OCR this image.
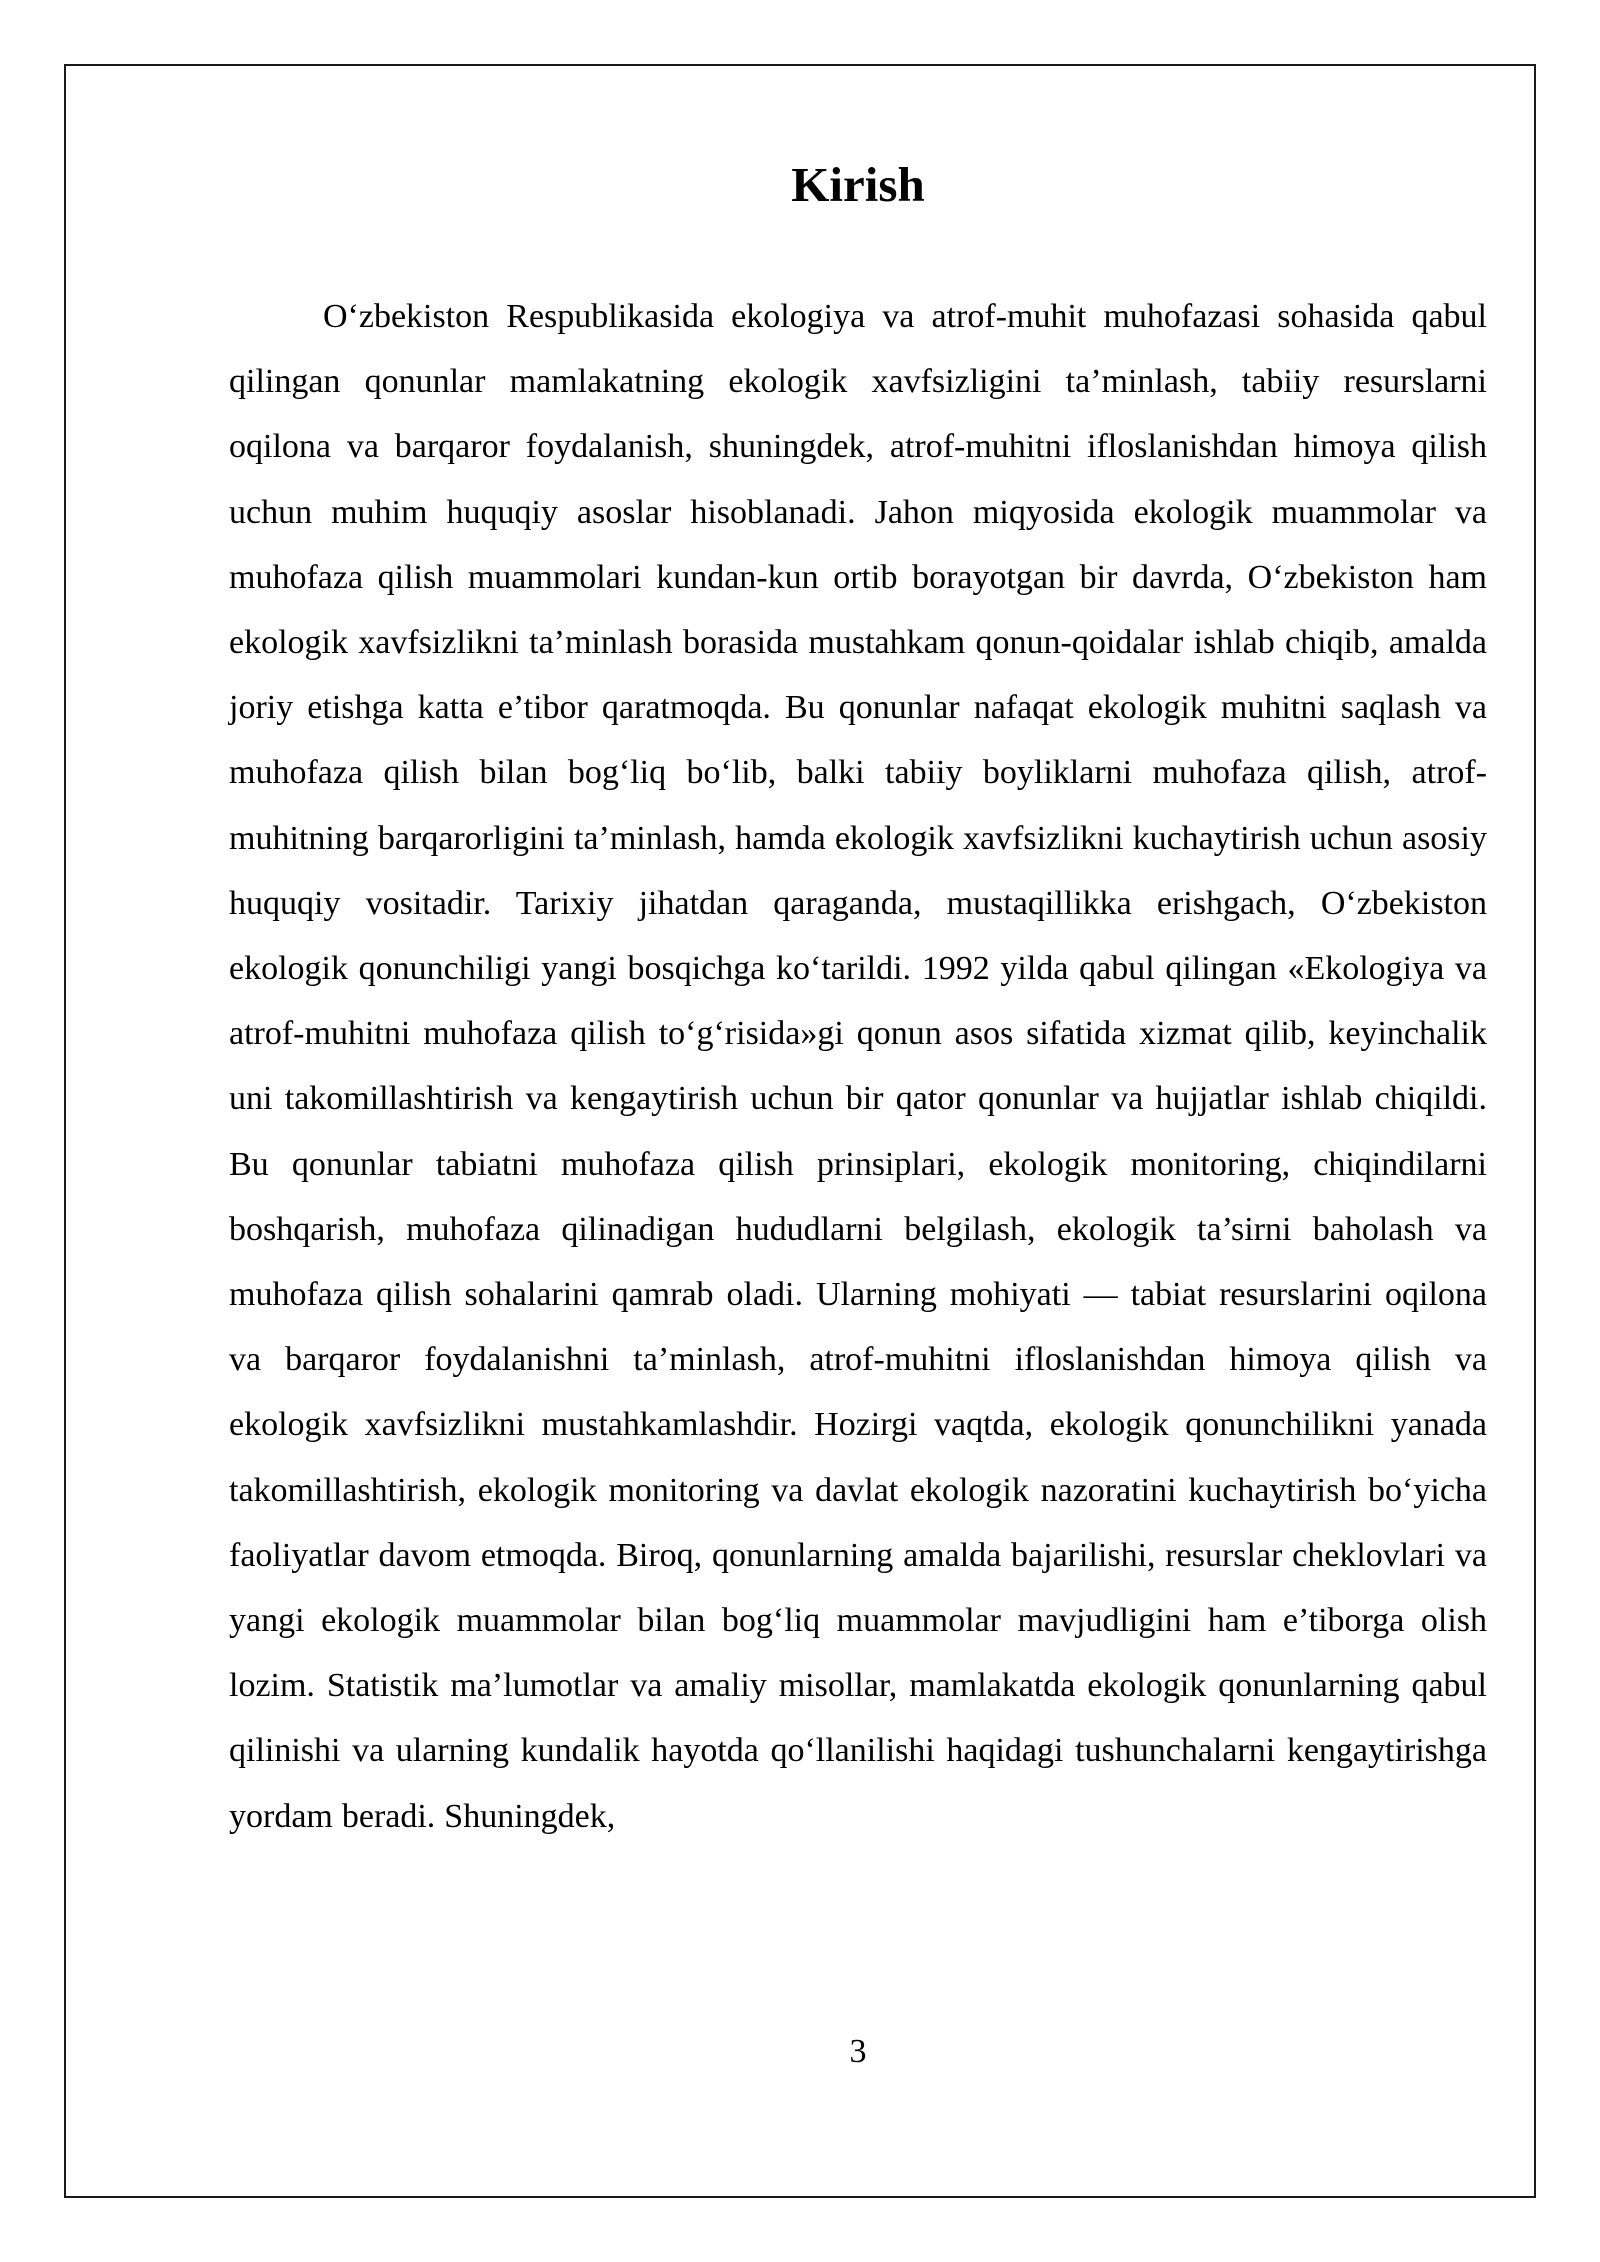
Kirish

O‘zbekiston Respublikasida ekologiya va atrof-muhit muhofazasi sohasida qabul qilingan qonunlar mamlakatning ekologik xavfsizligini ta’minlash, tabiiy resurslarni oqilona va barqaror foydalanish, shuningdek, atrof-muhitni ifloslanishdan himoya qilish uchun muhim huquqiy asoslar hisoblanadi. Jahon miqyosida ekologik muammolar va muhofaza qilish muammolari kundan-kun ortib borayotgan bir davrda, O‘zbekiston ham ekologik xavfsizlikni ta’minlash borasida mustahkam qonun-qoidalar ishlab chiqib, amalda joriy etishga katta e’tibor qaratmoqda. Bu qonunlar nafaqat ekologik muhitni saqlash va muhofaza qilish bilan bog‘liq bo‘lib, balki tabiiy boyliklarni muhofaza qilish, atrof-muhitning barqarorligini ta’minlash, hamda ekologik xavfsizlikni kuchaytirish uchun asosiy huquqiy vositadir. Tarixiy jihatdan qaraganda, mustaqillikka erishgach, O‘zbekiston ekologik qonunchiligi yangi bosqichga ko‘tarildi. 1992 yilda qabul qilingan «Ekologiya va atrof-muhitni muhofaza qilish to‘g‘risida»gi qonun asos sifatida xizmat qilib, keyinchalik uni takomillashtirish va kengaytirish uchun bir qator qonunlar va hujjatlar ishlab chiqildi. Bu qonunlar tabiatni muhofaza qilish prinsiplari, ekologik monitoring, chiqindilarni boshqarish, muhofaza qilinadigan hududlarni belgilash, ekologik ta’sirni baholash va muhofaza qilish sohalarini qamrab oladi. Ularning mohiyati — tabiat resurslarini oqilona va barqaror foydalanishni ta’minlash, atrof-muhitni ifloslanishdan himoya qilish va ekologik xavfsizlikni mustahkamlashdir. Hozirgi vaqtda, ekologik qonunchilikni yanada takomillashtirish, ekologik monitoring va davlat ekologik nazoratini kuchaytirish bo‘yicha faoliyatlar davom etmoqda. Biroq, qonunlarning amalda bajarilishi, resurslar cheklovlari va yangi ekologik muammolar bilan bog‘liq muammolar mavjudligini ham e’tiborga olish lozim. Statistik ma’lumotlar va amaliy misollar, mamlakatda ekologik qonunlarning qabul qilinishi va ularning kundalik hayotda qo‘llanilishi haqidagi tushunchalarni kengaytirishga yordam beradi. Shuningdek,

3
